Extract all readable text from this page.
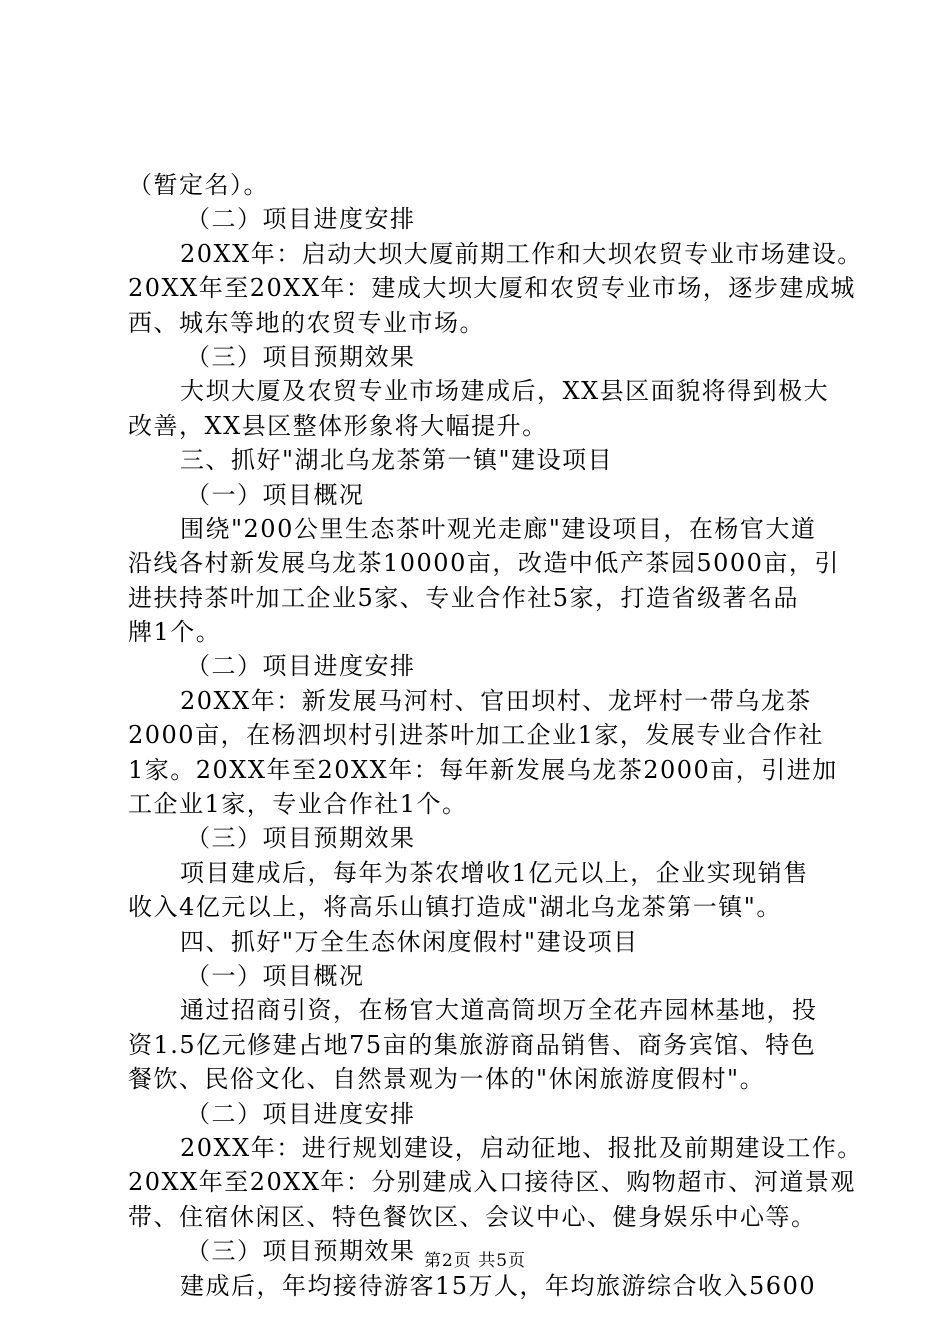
（暂定名）。
（二）项目进度安排
20XX年：启动大坝大厦前期工作和大坝农贸专业市场建设。
20XX年至20XX年：建成大坝大厦和农贸专业市场，逐步建成城
西、城东等地的农贸专业市场。
（三）项目预期效果
大坝大厦及农贸专业市场建成后，XX县区面貌将得到极大
改善，XX县区整体形象将大幅提升。
三、抓好"湖北乌龙茶第一镇"建设项目
（一）项目概况
围绕"200公里生态茶叶观光走廊"建设项目，在杨官大道
沿线各村新发展乌龙茶10000亩，改造中低产茶园5000亩，引
进扶持茶叶加工企业5家、专业合作社5家，打造省级著名品
牌1个。
（二）项目进度安排
20XX年：新发展马河村、官田坝村、龙坪村一带乌龙茶
2000亩，在杨泗坝村引进茶叶加工企业1家，发展专业合作社
1家。20XX年至20XX年：每年新发展乌龙茶2000亩，引进加
工企业1家，专业合作社1个。
（三）项目预期效果
项目建成后，每年为茶农增收1亿元以上，企业实现销售
收入4亿元以上，将高乐山镇打造成"湖北乌龙茶第一镇"。
四、抓好"万全生态休闲度假村"建设项目
（一）项目概况
通过招商引资，在杨官大道高筒坝万全花卉园林基地，投
资1.5亿元修建占地75亩的集旅游商品销售、商务宾馆、特色
餐饮、民俗文化、自然景观为一体的"休闲旅游度假村"。
（二）项目进度安排
20XX年：进行规划建设，启动征地、报批及前期建设工作。
20XX年至20XX年：分别建成入口接待区、购物超市、河道景观
带、住宿休闲区、特色餐饮区、会议中心、健身娱乐中心等。
（三）项目预期效果
建成后，年均接待游客15万人，年均旅游综合收入5600
第2页 共5页
